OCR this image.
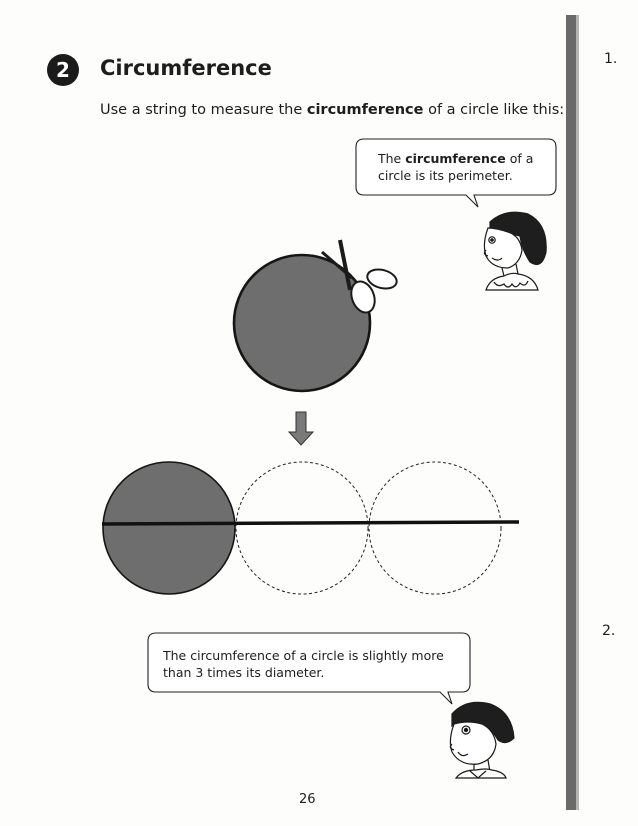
2 Circumference
Use a string to measure the circumference of a circle like this:
The circumference of a circle is its perimeter.
The circumference of a circle is slightly more than 3 times its diameter.
26
1.
2.
